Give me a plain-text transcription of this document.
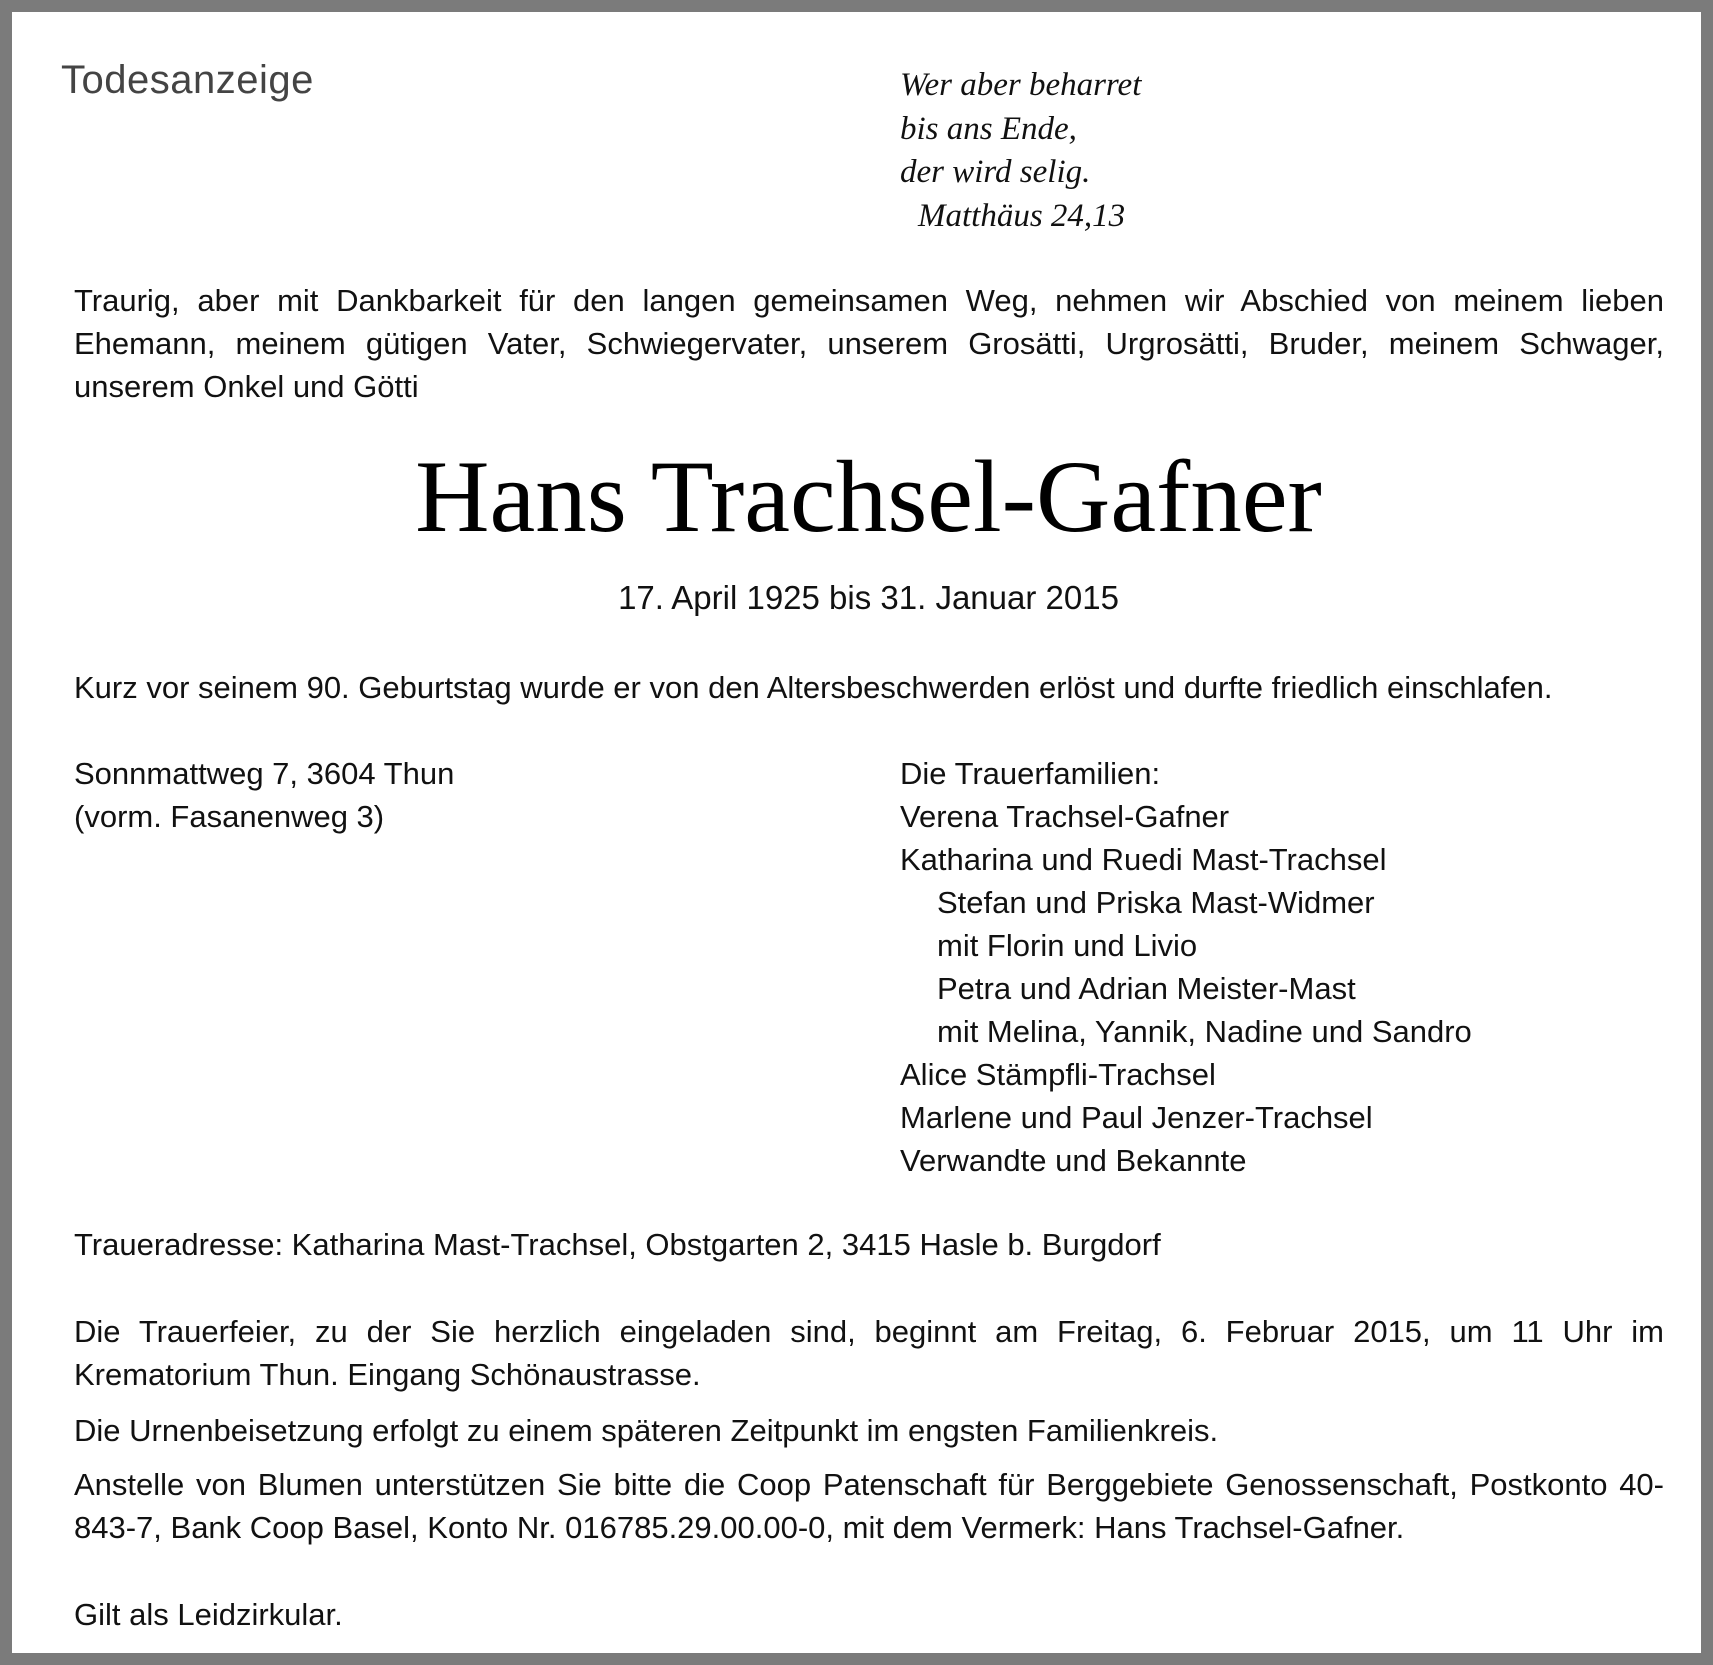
Todesanzeige	Wer aber beharret
bis ans Ende,
der wird selig.
Matthäus 24,13
Traurig, aber mit Dankbarkeit für den langen gemeinsamen Weg, nehmen wir Abschied von meinem lieben Ehemann, meinem gütigen Vater, Schwiegervater, unserem Grosätti, Urgrosätti, Bruder, meinem Schwager, unserem Onkel und Götti
Hans Trachsel-Gafner
17. April 1925 bis 31. Januar 2015
Kurz vor seinem 90. Geburtstag wurde er von den Altersbeschwerden erlöst und durfte friedlich einschlafen.
Sonnmattweg 7, 3604 Thun
(vorm. Fasanenweg 3)
Die Trauerfamilien:
Verena Trachsel-Gafner
Katharina und Ruedi Mast-Trachsel
Stefan und Priska Mast-Widmer
mit Florin und Livio
Petra und Adrian Meister-Mast
mit Melina, Yannik, Nadine und Sandro
Alice Stämpfli-Trachsel
Marlene und Paul Jenzer-Trachsel
Verwandte und Bekannte
Traueradresse: Katharina Mast-Trachsel, Obstgarten 2, 3415 Hasle b. Burgdorf
Die Trauerfeier, zu der Sie herzlich eingeladen sind, beginnt am Freitag, 6. Februar 2015, um 11 Uhr im Krematorium Thun. Eingang Schönaustrasse.
Die Urnenbeisetzung erfolgt zu einem späteren Zeitpunkt im engsten Familienkreis.
Anstelle von Blumen unterstützen Sie bitte die Coop Patenschaft für Berggebiete Genossenschaft, Postkonto 40-843-7, Bank Coop Basel, Konto Nr. 016785.29.00.00-0, mit dem Vermerk: Hans Trachsel-Gafner.
Gilt als Leidzirkular.
